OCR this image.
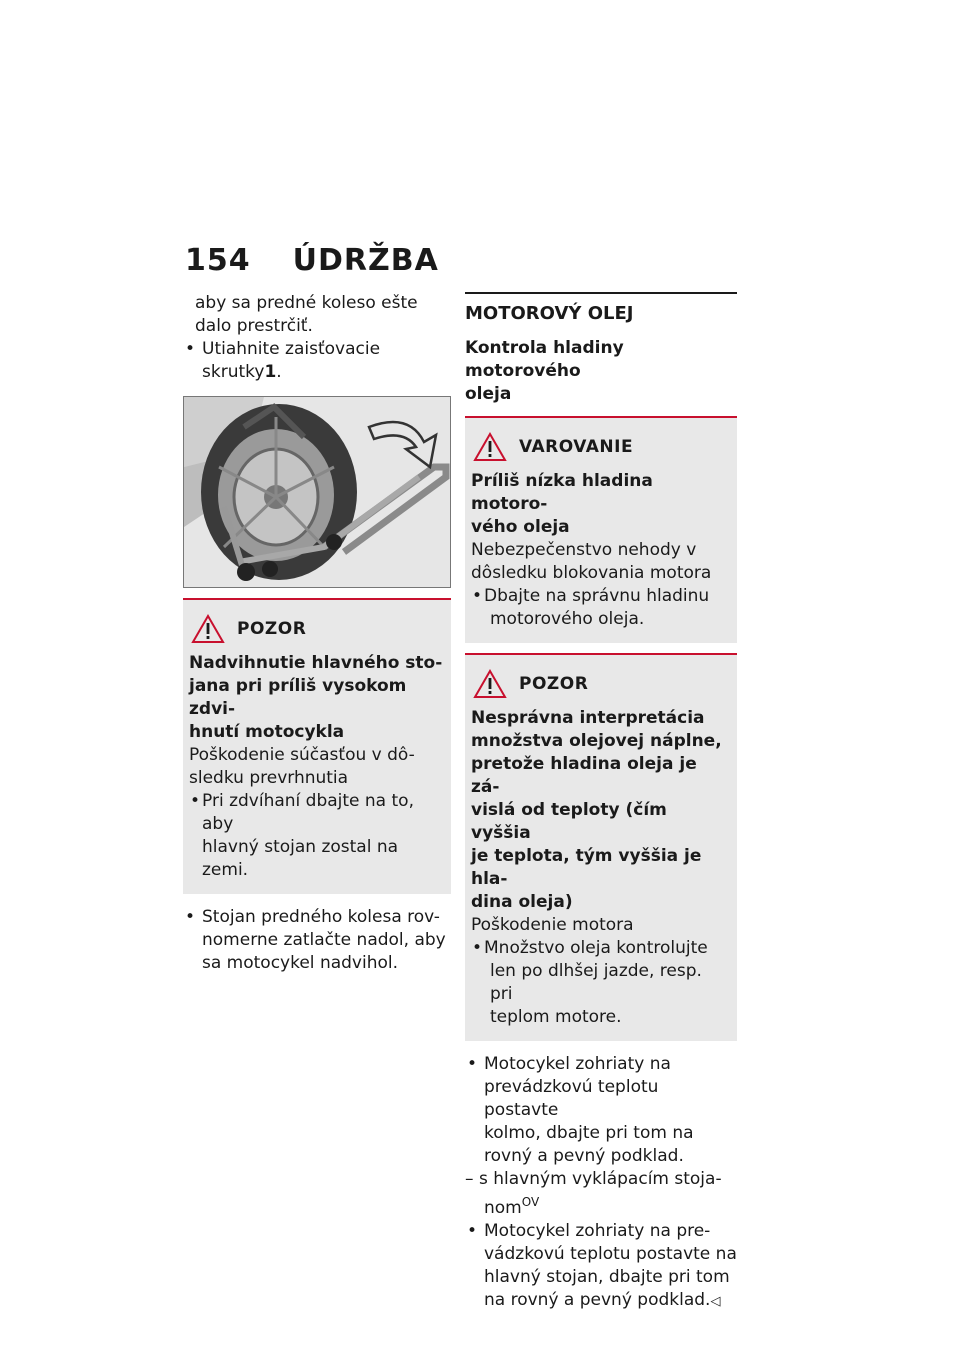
154 ÚDRŽBA

aby sa predné koleso ešte

dalo prestrčiť.

• Utiahnite zaisťovacie skrutky1.

POZOR

Nadvihnutie hlavného sto-

jana pri príliš vysokom zdvi-

hnutí motocykla

Poškodenie súčasťou v dô-

sledku prevrhnutia

• Pri zdvíhaní dbajte na to, aby

hlavný stojan zostal na zemi.

• Stojan predného kolesa rov-

nomerne zatlačte nadol, aby

sa motocykel nadvihol.

MOTOROVÝ OLEJ

Kontrola hladiny motorového

oleja

VAROVANIE

Príliš nízka hladina motoro-

vého oleja

Nebezpečenstvo nehody v

dôsledku blokovania motora

• Dbajte na správnu hladinu

motorového oleja.

POZOR

Nesprávna interpretácia

množstva olejovej náplne,

pretože hladina oleja je zá-

vislá od teploty (čím vyššia

je teplota, tým vyššia je hla-

dina oleja)

Poškodenie motora

• Množstvo oleja kontrolujte

len po dlhšej jazde, resp. pri

teplom motore.

• Motocykel zohriaty na

prevádzkovú teplotu postavte

kolmo, dbajte pri tom na

rovný a pevný podklad.

– s hlavným vyklápacím stoja-

nom$^{OV}$

• Motocykel zohriaty na pre-

vádzkovú teplotu postavte na

hlavný stojan, dbajte pri tom

na rovný a pevný podklad.◁
